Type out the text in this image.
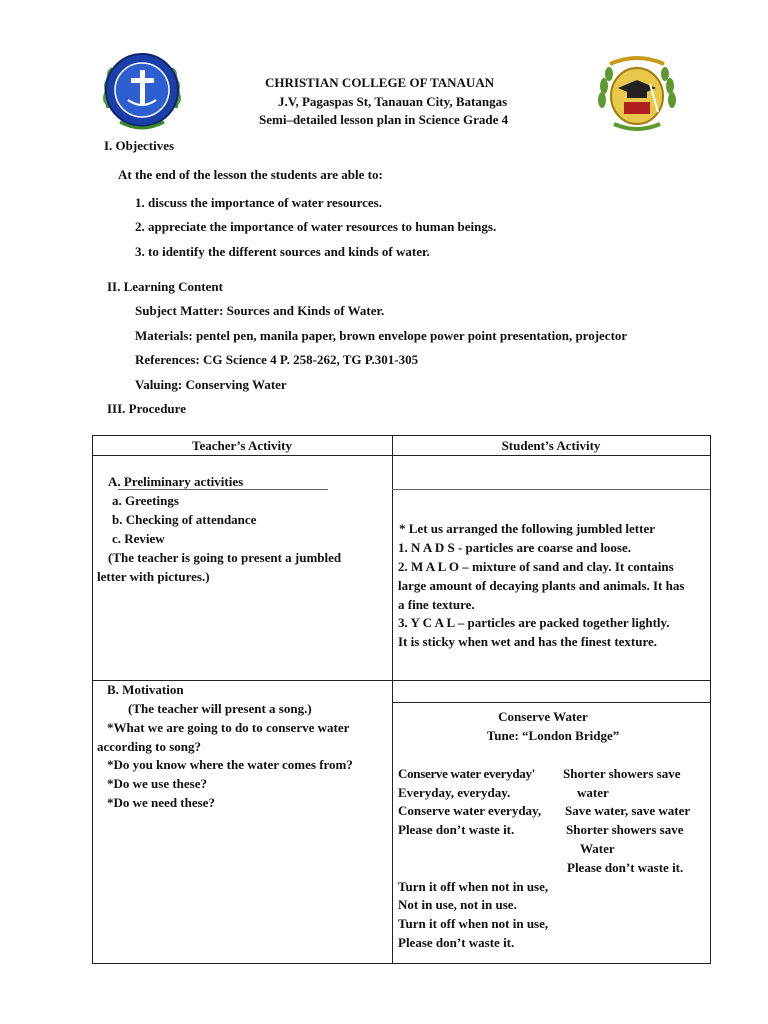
CHRISTIAN COLLEGE OF TANAUAN
J.V, Pagaspas St, Tanauan City, Batangas
Semi–detailed lesson plan in Science Grade 4
I. Objectives
At the end of the lesson the students are able to:
1. discuss the importance of water resources.
2. appreciate the importance of water resources to human beings.
3. to identify the different sources and kinds of water.
II. Learning Content
Subject Matter: Sources and Kinds of Water.
Materials: pentel pen, manila paper, brown envelope power point presentation, projector
References: CG Science 4 P. 258-262, TG P.301-305
Valuing: Conserving Water
III. Procedure
Teacher’s Activity	Student’s Activity
A. Preliminary activities
a. Greetings
b. Checking of attendance
c. Review
(The teacher is going to present a jumbled
letter with pictures.)
* Let us arranged the following jumbled letter
1. N A D S - particles are coarse and loose.
2. M A L O – mixture of sand and clay. It contains
large amount of decaying plants and animals. It has
a fine texture.
3. Y C A L – particles are packed together lightly.
It is sticky when wet and has the finest texture.
B. Motivation
(The teacher will present a song.)
*What we are going to do to conserve water
according to song?
*Do you know where the water comes from?
*Do we use these?
*Do we need these?
Conserve Water
Tune: “London Bridge”
Conserve water everyday'
Everyday, everyday.
Conserve water everyday,
Please don’t waste it.
Shorter showers save
water
Save water, save water
Shorter showers save
Water
Please don’t waste it.
Turn it off when not in use,
Not in use, not in use.
Turn it off when not in use,
Please don’t waste it.
